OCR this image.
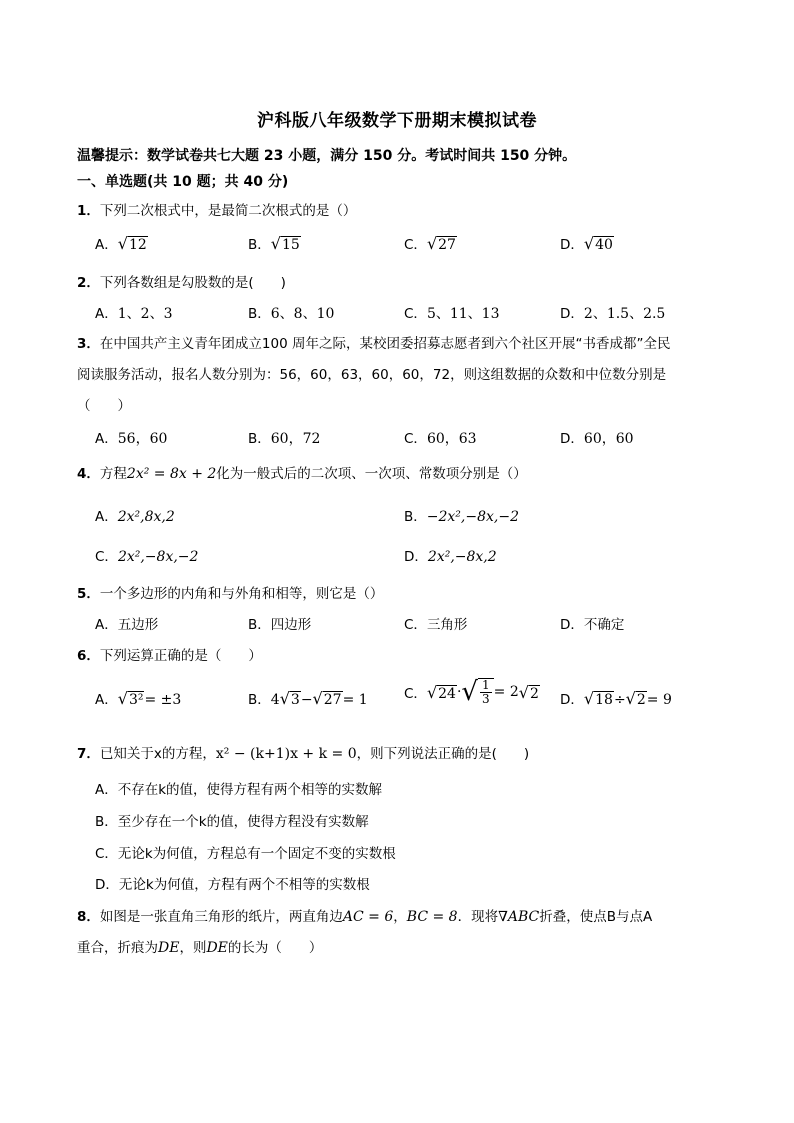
沪科版八年级数学下册期末模拟试卷
温馨提示：数学试卷共七大题 23 小题，满分 150 分。考试时间共 150 分钟。
一、单选题(共 10 题；共 40 分)
1．下列二次根式中，是最简二次根式的是（）
A．√12	B．√15	C．√27	D．√40
2．下列各数组是勾股数的是(　　)
A．1、2、3	B．6、8、10	C．5、11、13	D．2、1.5、2.5
3．在中国共产主义青年团成立100 周年之际，某校团委招募志愿者到六个社区开展“书香成都”全民
阅读服务活动，报名人数分别为：56，60，63，60，60，72，则这组数据的众数和中位数分别是
（　　）
A．56，60	B．60，72	C．60，63	D．60，60
4．方程2x² = 8x + 2化为一般式后的二次项、一次项、常数项分别是（）
A．2x²,8x,2	B．−2x²,−8x,−2
C．2x²,−8x,−2	D．2x²,−8x,2
5．一个多边形的内角和与外角和相等，则它是（）
A．五边形	B．四边形	C．三角形	D．不确定
6．下列运算正确的是（　　）
A．√3²= ±3	B．4√3−√27= 1	C．$√24\cdot√ \frac{1}{3} = 2√2$ D．√18÷√2= 9
7．已知关于x的方程，x² − (k+1)x + k = 0，则下列说法正确的是(　　)
A．不存在k的值，使得方程有两个相等的实数解
B．至少存在一个k的值，使得方程没有实数解
C．无论k为何值，方程总有一个固定不变的实数根
D．无论k为何值，方程有两个不相等的实数根
8．如图是一张直角三角形的纸片，两直角边AC = 6，BC = 8．现将∇ABC折叠，使点B与点A
重合，折痕为DE，则DE的长为（　　）
